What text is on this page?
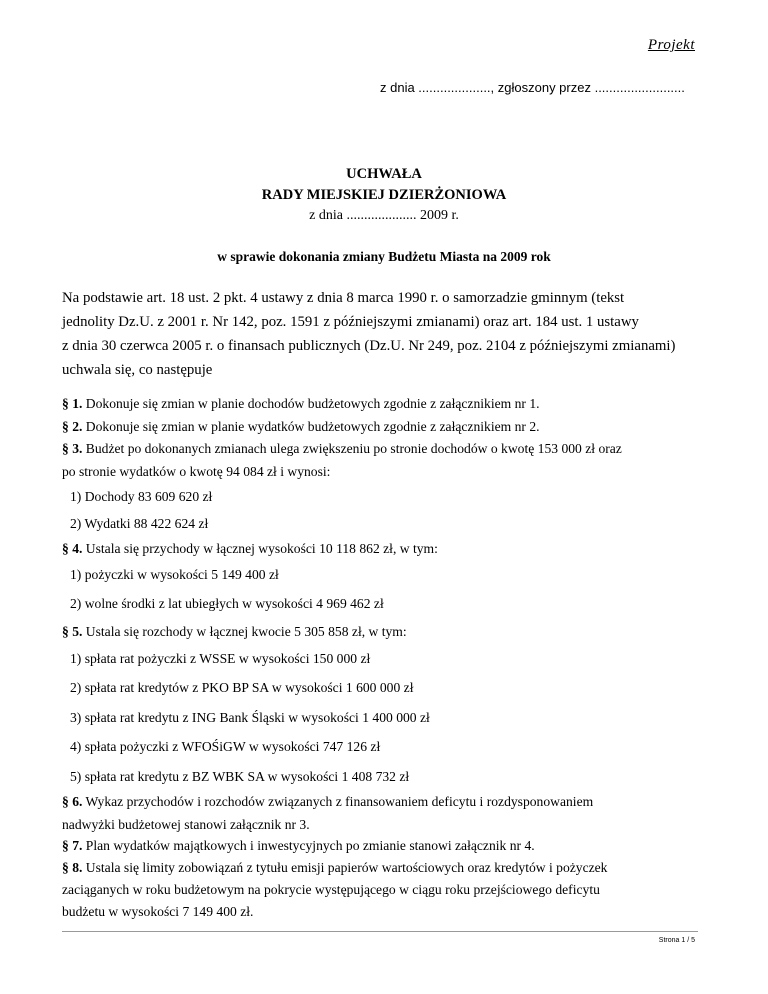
Projekt
z dnia ...................., zgłoszony przez .........................
UCHWAŁA
RADY MIEJSKIEJ DZIERŻONIOWA
z dnia .................... 2009 r.
w sprawie dokonania zmiany Budżetu Miasta na 2009 rok
Na podstawie art. 18 ust. 2 pkt. 4 ustawy z dnia 8 marca 1990 r. o samorzadzie gminnym (tekst
jednolity Dz.U. z 2001 r. Nr 142, poz. 1591 z późniejszymi zmianami) oraz art. 184 ust. 1 ustawy
z dnia 30 czerwca 2005 r. o finansach publicznych (Dz.U. Nr 249, poz. 2104 z późniejszymi zmianami)
uchwala się, co następuje
§ 1. Dokonuje się zmian w planie dochodów budżetowych zgodnie z załącznikiem nr 1.
§ 2. Dokonuje się zmian w planie wydatków budżetowych zgodnie z załącznikiem nr 2.
§ 3. Budżet po dokonanych zmianach ulega zwiększeniu po stronie dochodów o kwotę 153 000 zł oraz
po stronie wydatków o kwotę 94 084 zł i wynosi:
1) Dochody 83 609 620 zł
2) Wydatki 88 422 624 zł
§ 4. Ustala się przychody w łącznej wysokości 10 118 862 zł, w tym:
1) pożyczki w wysokości 5 149 400 zł
2) wolne środki z lat ubiegłych w wysokości 4 969 462 zł
§ 5. Ustala się rozchody w łącznej kwocie 5 305 858 zł, w tym:
1) spłata rat pożyczki z WSSE w wysokości 150 000 zł
2) spłata rat kredytów z PKO BP SA w wysokości 1 600 000 zł
3) spłata rat kredytu z ING Bank Śląski w wysokości 1 400 000 zł
4) spłata pożyczki z WFOŚiGW w wysokości 747 126 zł
5) spłata rat kredytu z BZ WBK SA w wysokości 1 408 732 zł
§ 6. Wykaz przychodów i rozchodów związanych z finansowaniem deficytu i rozdysponowaniem
nadwyżki budżetowej stanowi załącznik nr 3.
§ 7. Plan wydatków majątkowych i inwestycyjnych po zmianie stanowi załącznik nr 4.
§ 8. Ustala się limity zobowiązań z tytułu emisji papierów wartościowych oraz kredytów i pożyczek
zaciąganych w roku budżetowym na pokrycie występującego w ciągu roku przejściowego deficytu
budżetu w wysokości 7 149 400 zł.
Strona 1 / 5
